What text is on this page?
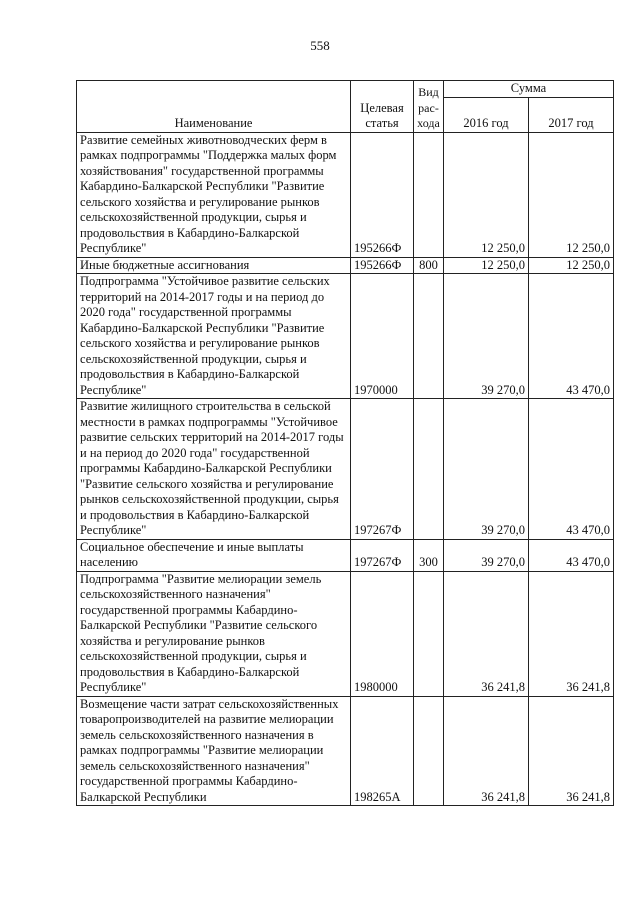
558
Наименование	Целевая статья	Вид рас-хода	Сумма	
			2016 год	2017 год
Развитие семейных животноводческих ферм в рамках подпрограммы "Поддержка малых форм хозяйствования" государственной программы Кабардино-Балкарской Республики "Развитие сельского хозяйства и регулирование рынков сельскохозяйственной продукции, сырья и продовольствия в Кабардино-Балкарской Республике"	195266Ф		12 250,0	12 250,0
Иные бюджетные ассигнования	195266Ф	800	12 250,0	12 250,0
Подпрограмма "Устойчивое развитие сельских территорий на 2014-2017 годы и на период до 2020 года" государственной программы Кабардино-Балкарской Республики "Развитие сельского хозяйства и регулирование рынков сельскохозяйственной продукции, сырья и продовольствия в Кабардино-Балкарской Республике"	1970000		39 270,0	43 470,0
Развитие жилищного строительства в сельской местности в рамках подпрограммы "Устойчивое развитие сельских территорий на 2014-2017 годы и на период до 2020 года" государственной программы Кабардино-Балкарской Республики "Развитие сельского хозяйства и регулирование рынков сельскохозяйственной продукции, сырья и продовольствия в Кабардино-Балкарской Республике"	197267Ф		39 270,0	43 470,0
Социальное обеспечение и иные выплаты населению	197267Ф	300	39 270,0	43 470,0
Подпрограмма "Развитие мелиорации земель сельскохозяйственного назначения" государственной программы Кабардино-Балкарской Республики "Развитие сельского хозяйства и регулирование рынков сельскохозяйственной продукции, сырья и продовольствия в Кабардино-Балкарской Республике"	1980000		36 241,8	36 241,8
Возмещение части затрат сельскохозяйственных товаропроизводителей на развитие мелиорации земель сельскохозяйственного назначения в рамках подпрограммы "Развитие мелиорации земель сельскохозяйственного назначения" государственной программы Кабардино-Балкарской Республики	198265А		36 241,8	36 241,8
